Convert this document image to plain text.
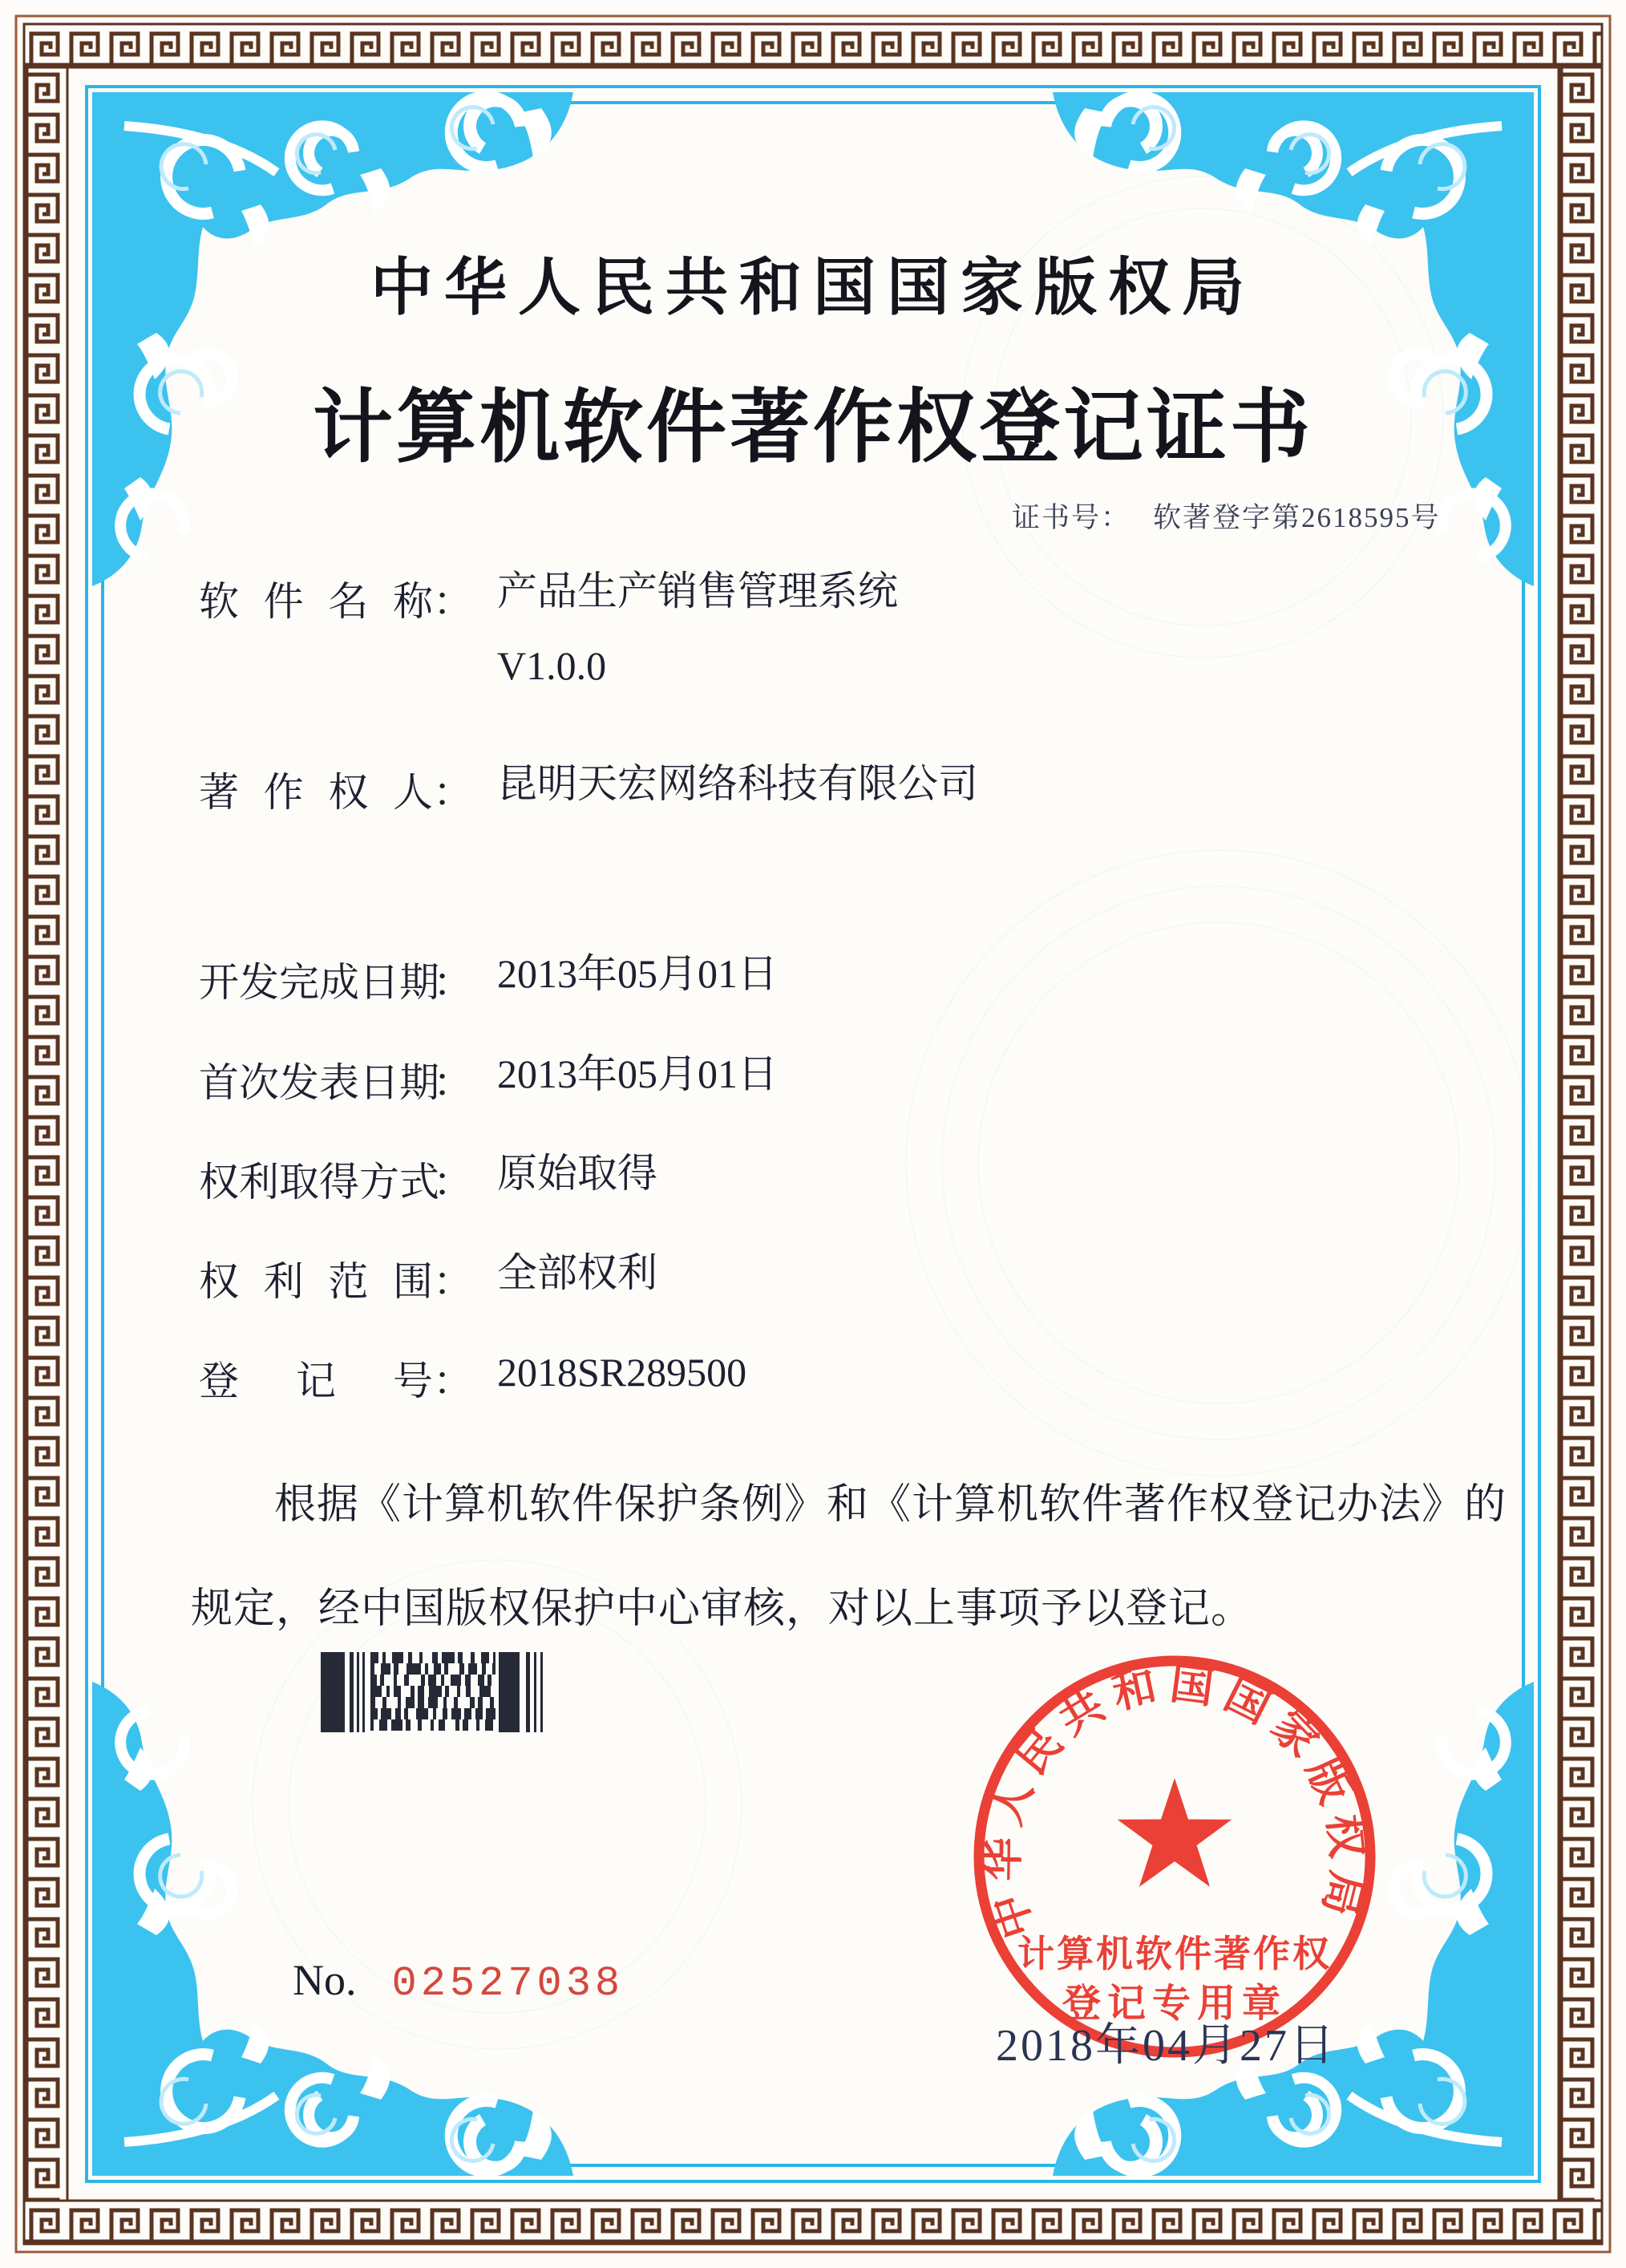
中华人民共和国国家版权局
计算机软件著作权登记证书
证书号： 软著登字第2618595号
软件名称 ： 产品生产销售管理系统
V1.0.0
著作权人 ： 昆明天宏网络科技有限公司
开发完成日期
： 2013年05月01日
首次发表日期
： 2013年05月01日
权利取得方式
： 原始取得
权利范围 ： 全部权利
登记号 ： 2018SR289500
根据《计算机软件保护条例》和《计算机软件著作权登记办法》的
规定，经中国版权保护中心审核，对以上事项予以登记。
No. 02527038
中华人民共和国国家版权局
计算机软件著作权
登记专用章
2018年04月27日
